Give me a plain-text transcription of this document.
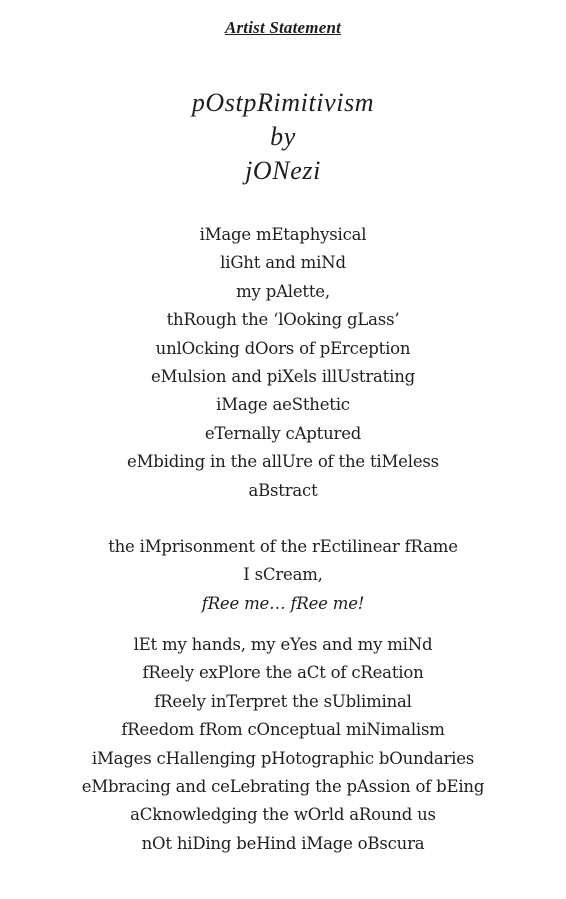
Artist Statement
pOstpRimitivism
by
jONezi
iMage mEtaphysical
liGht and miNd
my pAlette,
thRough the ‘lOoking gLass’
unlOcking dOors of pErception
eMulsion and piXels illUstrating
iMage aeSthetic
eTernally cAptured
eMbiding in the allUre of the tiMeless
aBstract
the iMprisonment of the rEctilinear fRame
I sCream,
fRee me… fRee me!
lEt my hands, my eYes and my miNd
fReely exPlore the aCt of cReation
fReely inTerpret the sUbliminal
fReedom fRom cOnceptual miNimalism
iMages cHallenging pHotographic bOundaries
eMbracing and ceLebrating the pAssion of bEing
aCknowledging the wOrld aRound us
nOt hiDing beHind iMage oBscura
